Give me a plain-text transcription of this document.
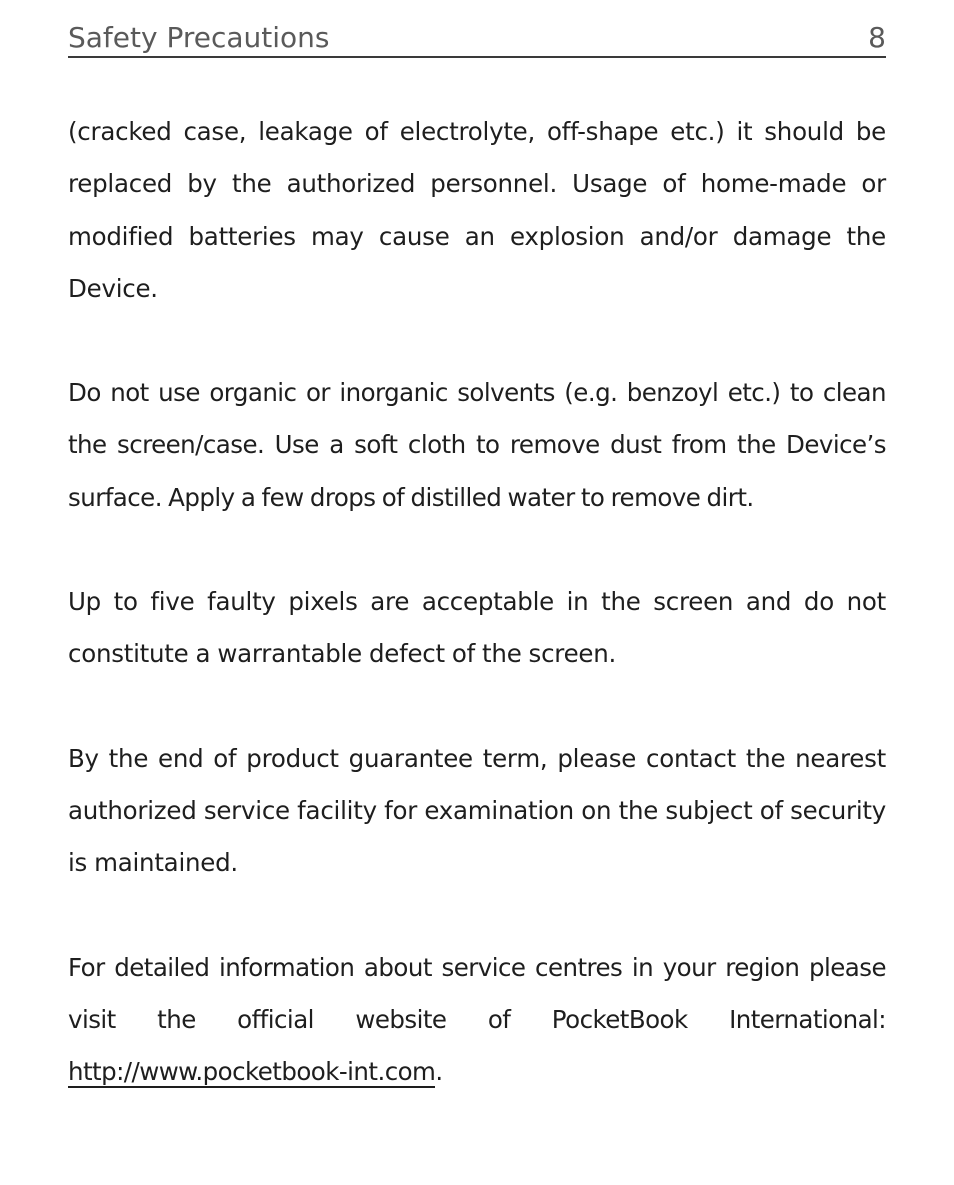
Safety Precautions	8

(cracked case, leakage of electrolyte, off-shape etc.) it should be replaced by the authorized personnel. Usage of home-made or modified batteries may cause an explosion and/or damage the Device.

Do not use organic or inorganic solvents (e.g. benzoyl etc.) to clean the screen/case. Use a soft cloth to remove dust from the Device’s surface. Apply a few drops of distilled water to remove dirt.

Up to five faulty pixels are acceptable in the screen and do not constitute a warrantable defect of the screen.

By the end of product guarantee term, please contact the nearest authorized service facility for examination on the subject of security is maintained.

For detailed information about service centres in your region please visit the official website of PocketBook International: http://www.pocketbook-int.com.
